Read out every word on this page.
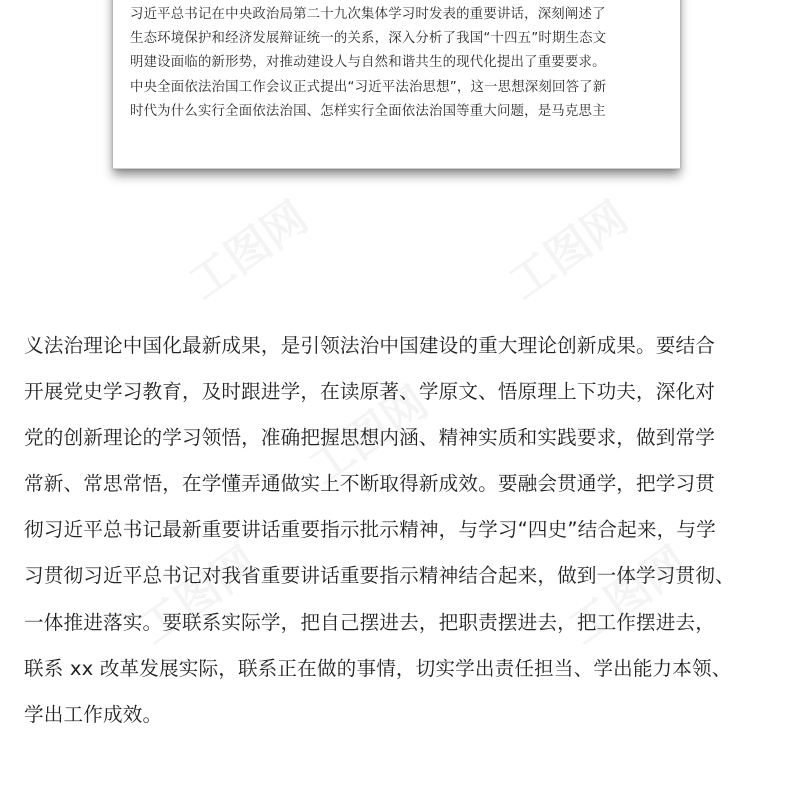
工图网	工图网
工图网
工图网	工图网
习近平总书记在中央政治局第二十九次集体学习时发表的重要讲话，深刻阐述了
生态环境保护和经济发展辩证统一的关系，深入分析了我国“十四五”时期生态文
明建设面临的新形势，对推动建设人与自然和谐共生的现代化提出了重要要求。
中央全面依法治国工作会议正式提出“习近平法治思想”，这一思想深刻回答了新
时代为什么实行全面依法治国、怎样实行全面依法治国等重大问题，是马克思主
义法治理论中国化最新成果，是引领法治中国建设的重大理论创新成果。要结合
开展党史学习教育，及时跟进学，在读原著、学原文、悟原理上下功夫，深化对
党的创新理论的学习领悟，准确把握思想内涵、精神实质和实践要求，做到常学
常新、常思常悟，在学懂弄通做实上不断取得新成效。要融会贯通学，把学习贯
彻习近平总书记最新重要讲话重要指示批示精神，与学习“四史”结合起来，与学
习贯彻习近平总书记对我省重要讲话重要指示精神结合起来，做到一体学习贯彻、
一体推进落实。要联系实际学，把自己摆进去，把职责摆进去，把工作摆进去，
联系 xx 改革发展实际，联系正在做的事情，切实学出责任担当、学出能力本领、
学出工作成效。
